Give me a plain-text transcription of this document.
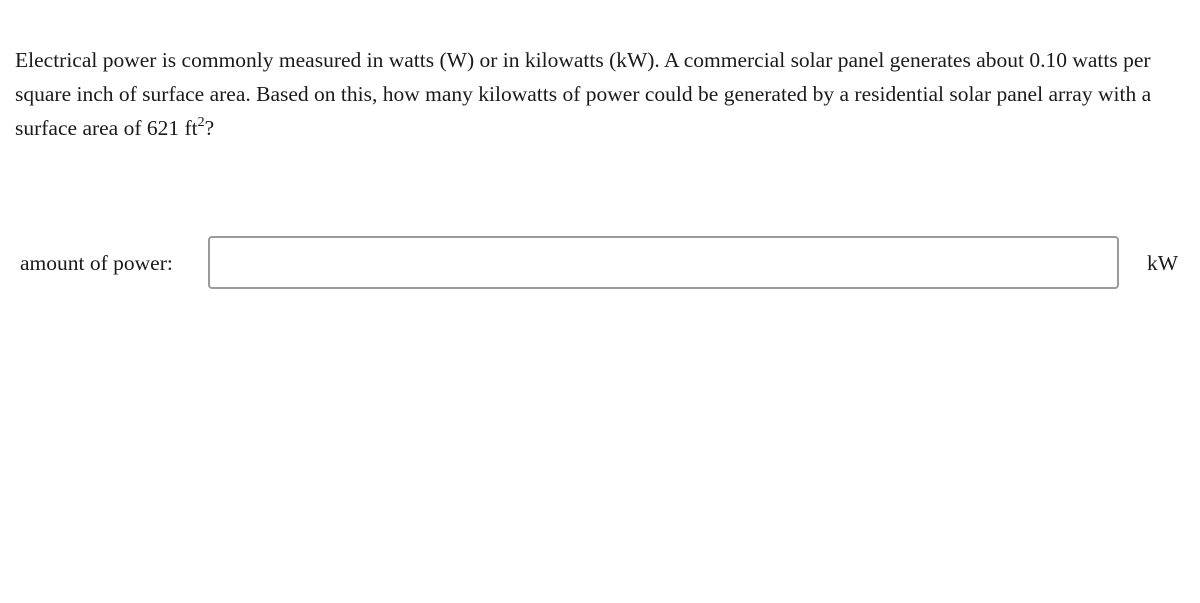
Electrical power is commonly measured in watts (W) or in kilowatts (kW). A commercial solar panel generates about 0.10 watts per square inch of surface area. Based on this, how many kilowatts of power could be generated by a residential solar panel array with a surface area of 621 $ft^2$?

amount of power:	kW
